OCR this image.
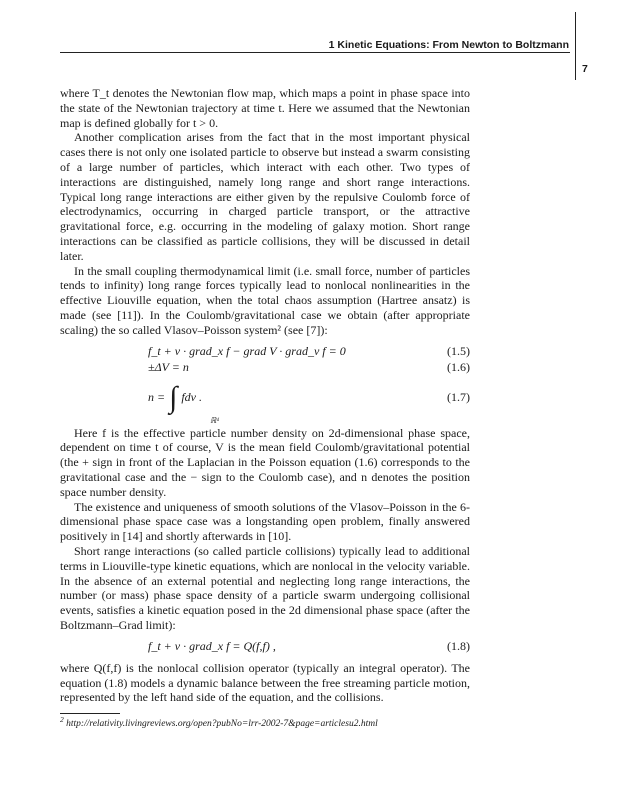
1 Kinetic Equations: From Newton to Boltzmann
7

where T_t denotes the Newtonian flow map, which maps a point in phase space into the state of the Newtonian trajectory at time t. Here we assumed that the Newtonian map is defined globally for t > 0.

Another complication arises from the fact that in the most important physical cases there is not only one isolated particle to observe but instead a swarm consisting of a large number of particles, which interact with each other. Two types of interactions are distinguished, namely long range and short range interactions. Typical long range interactions are either given by the repulsive Coulomb force of electrodynamics, occurring in charged particle transport, or the attractive gravitational force, e.g. occurring in the modeling of galaxy motion. Short range interactions can be classified as particle collisions, they will be discussed in detail later.

In the small coupling thermodynamical limit (i.e. small force, number of particles tends to infinity) long range forces typically lead to nonlocal nonlinearities in the effective Liouville equation, when the total chaos assumption (Hartree ansatz) is made (see [11]). In the Coulomb/gravitational case we obtain (after appropriate scaling) the so called Vlasov–Poisson system² (see [7]):

f_t + v · grad_x f − grad V · grad_v f = 0	(1.5)
±ΔV = n	(1.6)
n = ∫ fdv .
ℝᵈ
(1.7)

Here f is the effective particle number density on 2d-dimensional phase space, dependent on time t of course, V is the mean field Coulomb/gravitational potential (the + sign in front of the Laplacian in the Poisson equation (1.6) corresponds to the gravitational case and the − sign to the Coulomb case), and n denotes the position space number density.

The existence and uniqueness of smooth solutions of the Vlasov–Poisson in the 6-dimensional phase space case was a longstanding open problem, finally answered positively in [14] and shortly afterwards in [10].

Short range interactions (so called particle collisions) typically lead to additional terms in Liouville-type kinetic equations, which are nonlocal in the velocity variable. In the absence of an external potential and neglecting long range interactions, the number (or mass) phase space density of a particle swarm undergoing collisional events, satisfies a kinetic equation posed in the 2d dimensional phase space (after the Boltzmann–Grad limit):

f_t + v · grad_x f = Q(f,f) ,	(1.8)

where Q(f,f) is the nonlocal collision operator (typically an integral operator). The equation (1.8) models a dynamic balance between the free streaming particle motion, represented by the left hand side of the equation, and the collisions.

$^2$ http://relativity.livingreviews.org/open?pubNo=lrr-2002-7&page=articlesu2.html
